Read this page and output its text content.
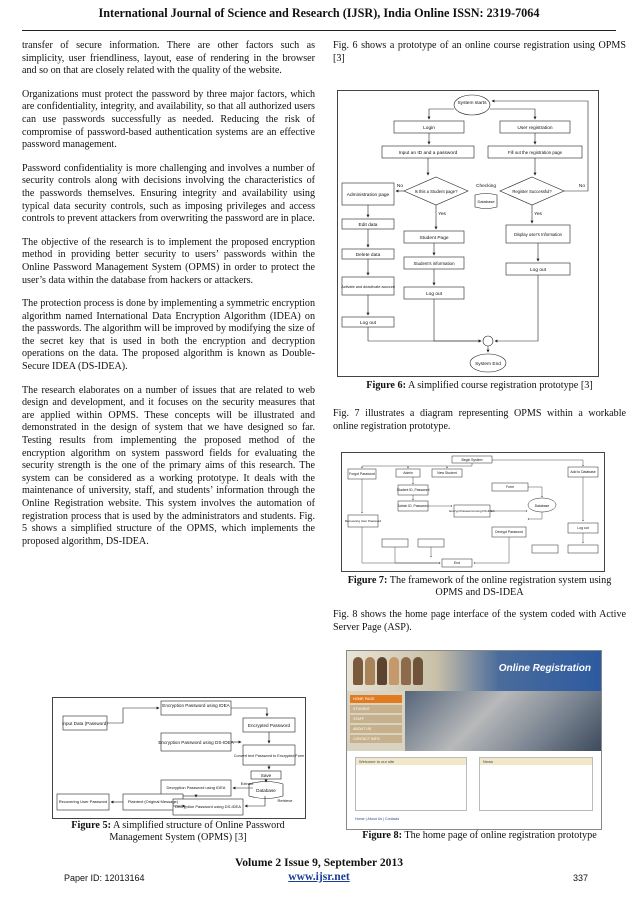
International Journal of Science and Research (IJSR), India Online ISSN: 2319-7064

transfer of secure information. There are other factors such as simplicity, user friendliness, layout, ease of rendering in the browser and so on that are closely related with the quality of the website.

Organizations must protect the password by three major factors, which are confidentiality, integrity, and availability, so that all authorized users can use passwords successfully as needed. Reducing the risk of compromise of password-based authentication systems are an effective password management.

Password confidentiality is more challenging and involves a number of security controls along with decisions involving the characteristics of the passwords themselves. Ensuring integrity and availability using typical data security controls, such as imposing privileges and access controls to prevent attackers from overwriting the password are in place.

The objective of the research is to implement the proposed encryption method in providing better security to users’ passwords within the Online Password Management System (OPMS) in order to protect the user’s data within the database from hackers or attackers.

The protection process is done by implementing a symmetric encryption algorithm named International Data Encryption Algorithm (IDEA) on the passwords. The algorithm will be improved by modifying the size of the secret key that is used in both the encryption and decryption operations on the data. The proposed algorithm is known as Double-Secure IDEA (DS-IDEA).

The research elaborates on a number of issues that are related to web design and development, and it focuses on the security measures that are applied within OPMS. These concepts will be illustrated and demonstrated in the design of system that we have designed so far. Testing results from implementing the proposed method of the encryption algorithm on system password fields for evaluating the security strength is the one of the primary aims of this research. The system can be considered as a working prototype. It deals with the maintenance of university, staff, and students’ information through the Online Registration website. This system involves the automation of registration process that is used by the administrators and students. Fig. 5 shows a simplified structure of the OPMS, which implements the proposed algorithm, DS-IDEA.

Encryption Password using IDEA
Input Data (Password)	Encrypted Password
Encryption Password using DS-IDEA
Convert text Password to Encrypted Form
Save
Database
Decryption Password using IDEA
Recovering User Password	Plaintext (Original Message)
Decryption Password using DS-IDEA
Retrieve
Extract
Figure 5: A simplified structure of Online Password Management System (OPMS) [3]

Fig. 6 shows a prototype of an online course registration using OPMS [3]

System starts
Login	User registration
Input an ID and a password	Fill out the registration page
Administration page
Is this a Student page?
Checking
Database
Register Successful?
No	No
Yes	Yes
Edit data
Student Page
Display user's Information
Delete data
Student's information
Log out
Activate and deactivate account
Log out
Log out
System End
Figure 6: A simplified course registration prototype [3]

Fig. 7 illustrates a diagram representing OPMS within a workable online registration prototype.

Begin System
Forgot Password	Admin	New Student	Add to Database
Student ID, Password
Admin ID, Password
Form
Encrypt Password using DS-IDEA
Recovering User Password
Database
Decrypt Password
Log out
End
Figure 7: The framework of the online registration system using OPMS and DS-IDEA

Fig. 8 shows the home page interface of the system coded with Active Server Page (ASP).

Online Registration
HOME PAGE
STUDENT
STAFF
ABOUT US
CONTACT INFO
Welcome to our site	News
Home | About Us | Contacts
Figure 8: The home page of online registration prototype
Volume 2 Issue 9, September 2013
www.ijsr.net
Paper ID: 12013164	337
